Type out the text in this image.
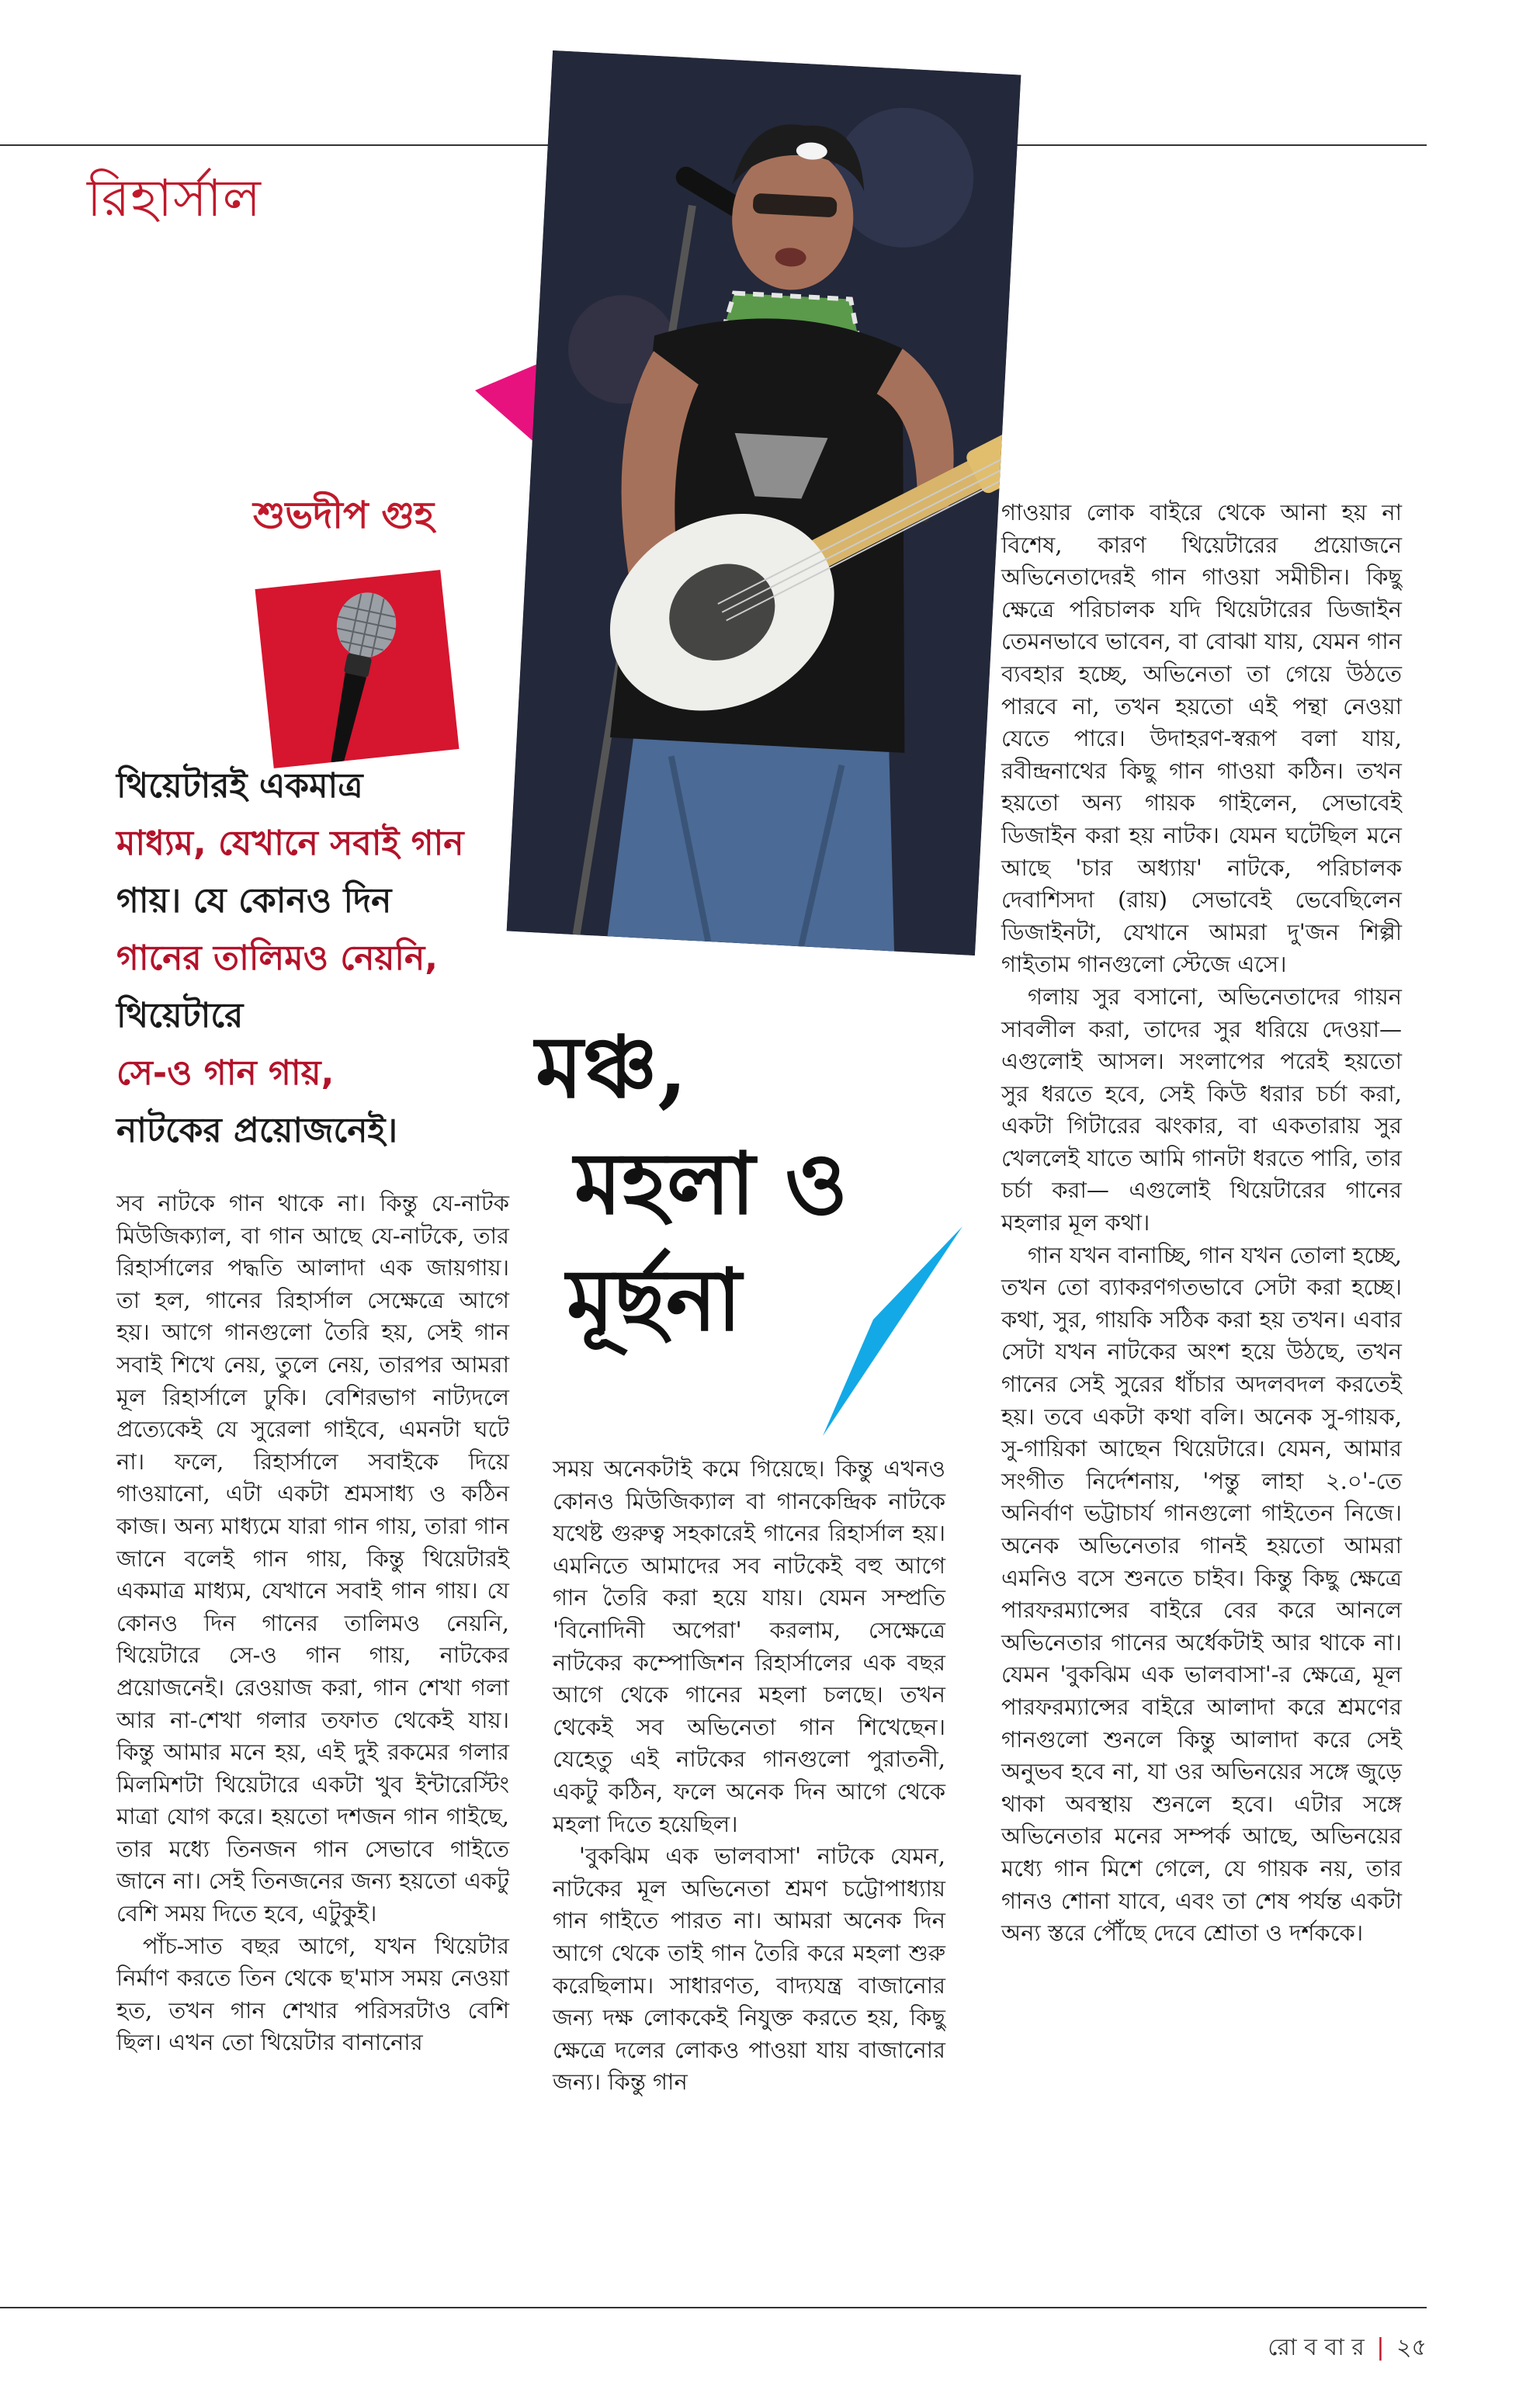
রিহার্সাল
শুভদীপ গুহ
থিয়েটারই একমাত্র
মাধ্যম, যেখানে সবাই গান
গায়। যে কোনও দিন
গানের তালিমও নেয়নি,
থিয়েটারে
সে-ও গান গায়,
নাটকের প্রয়োজনেই।
মঞ্চ,
মহলা ও
মূর্ছনা

সব নাটকে গান থাকে না। কিন্তু যে-নাটক মিউজিক্যাল, বা গান আছে যে-নাটকে, তার রিহার্সালের পদ্ধতি আলাদা এক জায়গায়। তা হল, গানের রিহার্সাল সেক্ষেত্রে আগে হয়। আগে গানগুলো তৈরি হয়, সেই গান সবাই শিখে নেয়, তুলে নেয়, তারপর আমরা মূল রিহার্সালে ঢুকি। বেশিরভাগ নাট্যদলে প্রত্যেকেই যে সুরেলা গাইবে, এমনটা ঘটে না। ফলে, রিহার্সালে সবাইকে দিয়ে গাওয়ানো, এটা একটা শ্রমসাধ্য ও কঠিন কাজ। অন্য মাধ্যমে যারা গান গায়, তারা গান জানে বলেই গান গায়, কিন্তু থিয়েটারই একমাত্র মাধ্যম, যেখানে সবাই গান গায়। যে কোনও দিন গানের তালিমও নেয়নি, থিয়েটারে সে-ও গান গায়, নাটকের প্রয়োজনেই। রেওয়াজ করা, গান শেখা গলা আর না-শেখা গলার তফাত থেকেই যায়। কিন্তু আমার মনে হয়, এই দুই রকমের গলার মিলমিশটা থিয়েটারে একটা খুব ইন্টারেস্টিং মাত্রা যোগ করে। হয়তো দশজন গান গাইছে, তার মধ্যে তিনজন গান সেভাবে গাইতে জানে না। সেই তিনজনের জন্য হয়তো একটু বেশি সময় দিতে হবে, এটুকুই।

পাঁচ-সাত বছর আগে, যখন থিয়েটার নির্মাণ করতে তিন থেকে ছ'মাস সময় নেওয়া হত, তখন গান শেখার পরিসরটাও বেশি ছিল। এখন তো থিয়েটার বানানোর

সময় অনেকটাই কমে গিয়েছে। কিন্তু এখনও কোনও মিউজিক্যাল বা গানকেন্দ্রিক নাটকে যথেষ্ট গুরুত্ব সহকারেই গানের রিহার্সাল হয়। এমনিতে আমাদের সব নাটকেই বহু আগে গান তৈরি করা হয়ে যায়। যেমন সম্প্রতি 'বিনোদিনী অপেরা' করলাম, সেক্ষেত্রে নাটকের কম্পোজিশন রিহার্সালের এক বছর আগে থেকে গানের মহলা চলছে। তখন থেকেই সব অভিনেতা গান শিখেছেন। যেহেতু এই নাটকের গানগুলো পুরাতনী, একটু কঠিন, ফলে অনেক দিন আগে থেকে মহলা দিতে হয়েছিল।

'বুকঝিম এক ভালবাসা' নাটকে যেমন, নাটকের মূল অভিনেতা শ্রমণ চট্টোপাধ্যায় গান গাইতে পারত না। আমরা অনেক দিন আগে থেকে তাই গান তৈরি করে মহলা শুরু করেছিলাম। সাধারণত, বাদ্যযন্ত্র বাজানোর জন্য দক্ষ লোককেই নিযুক্ত করতে হয়, কিছু ক্ষেত্রে দলের লোকও পাওয়া যায় বাজানোর জন্য। কিন্তু গান

গাওয়ার লোক বাইরে থেকে আনা হয় না বিশেষ, কারণ থিয়েটারের প্রয়োজনে অভিনেতাদেরই গান গাওয়া সমীচীন। কিছু ক্ষেত্রে পরিচালক যদি থিয়েটারের ডিজাইন তেমনভাবে ভাবেন, বা বোঝা যায়, যেমন গান ব্যবহার হচ্ছে, অভিনেতা তা গেয়ে উঠতে পারবে না, তখন হয়তো এই পন্থা নেওয়া যেতে পারে। উদাহরণ-স্বরূপ বলা যায়, রবীন্দ্রনাথের কিছু গান গাওয়া কঠিন। তখন হয়তো অন্য গায়ক গাইলেন, সেভাবেই ডিজাইন করা হয় নাটক। যেমন ঘটেছিল মনে আছে 'চার অধ্যায়' নাটকে, পরিচালক দেবাশিসদা (রায়) সেভাবেই ভেবেছিলেন ডিজাইনটা, যেখানে আমরা দু'জন শিল্পী গাইতাম গানগুলো স্টেজে এসে।

গলায় সুর বসানো, অভিনেতাদের গায়ন সাবলীল করা, তাদের সুর ধরিয়ে দেওয়া— এগুলোই আসল। সংলাপের পরেই হয়তো সুর ধরতে হবে, সেই কিউ ধরার চর্চা করা, একটা গিটারের ঝংকার, বা একতারায় সুর খেললেই যাতে আমি গানটা ধরতে পারি, তার চর্চা করা— এগুলোই থিয়েটারের গানের মহলার মূল কথা।

গান যখন বানাচ্ছি, গান যখন তোলা হচ্ছে, তখন তো ব্যাকরণগতভাবে সেটা করা হচ্ছে। কথা, সুর, গায়কি সঠিক করা হয় তখন। এবার সেটা যখন নাটকের অংশ হয়ে উঠছে, তখন গানের সেই সুরের ধাঁচার অদলবদল করতেই হয়। তবে একটা কথা বলি। অনেক সু-গায়ক, সু-গায়িকা আছেন থিয়েটারে। যেমন, আমার সংগীত নির্দেশনায়, 'পন্তু লাহা ২.০'-তে অনির্বাণ ভট্টাচার্য গানগুলো গাইতেন নিজে। অনেক অভিনেতার গানই হয়তো আমরা এমনিও বসে শুনতে চাইব। কিন্তু কিছু ক্ষেত্রে পারফরম্যান্সের বাইরে বের করে আনলে অভিনেতার গানের অর্ধেকটাই আর থাকে না। যেমন 'বুকঝিম এক ভালবাসা'-র ক্ষেত্রে, মূল পারফরম্যান্সের বাইরে আলাদা করে শ্রমণের গানগুলো শুনলে কিন্তু আলাদা করে সেই অনুভব হবে না, যা ওর অভিনয়ের সঙ্গে জুড়ে থাকা অবস্থায় শুনলে হবে। এটার সঙ্গে অভিনেতার মনের সম্পর্ক আছে, অভিনয়ের মধ্যে গান মিশে গেলে, যে গায়ক নয়, তার গানও শোনা যাবে, এবং তা শেষ পর্যন্ত একটা অন্য স্তরে পৌঁছে দেবে শ্রোতা ও দর্শককে।

রো ব বা র | ২৫
